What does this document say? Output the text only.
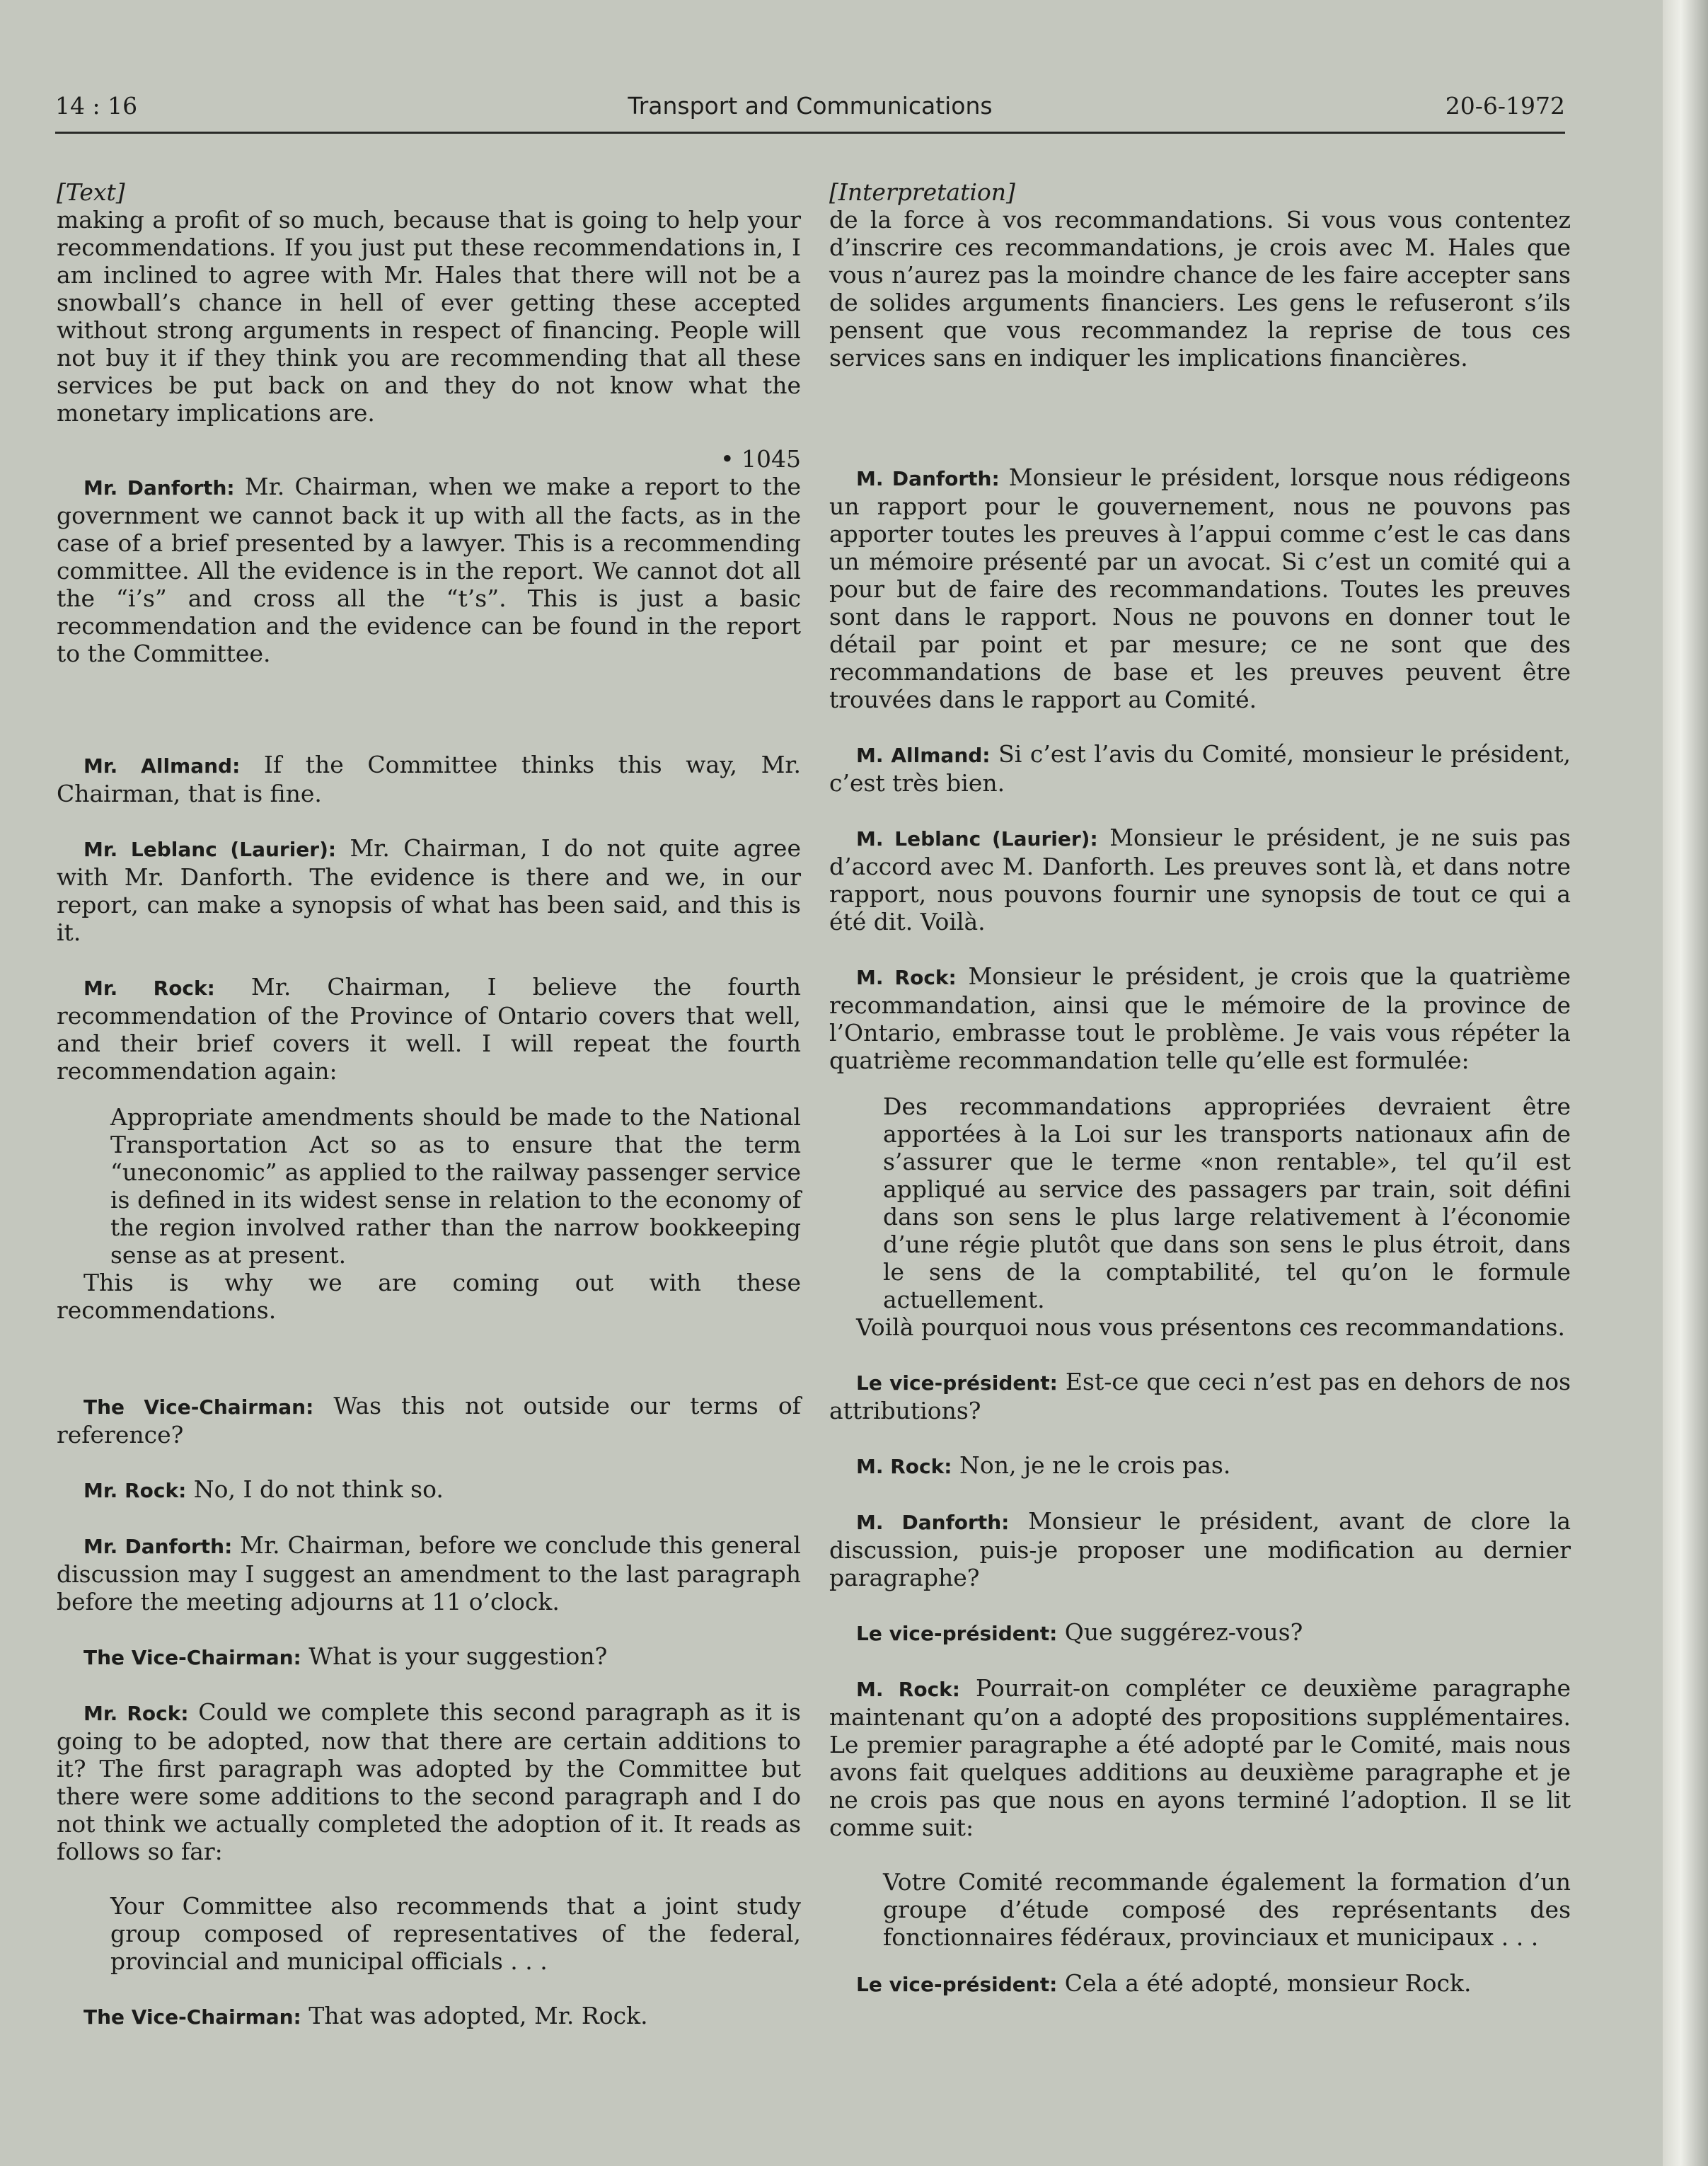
14 : 16	Transport and Communications	20-6-1972

[Text]

making a profit of so much, because that is going to help your recommendations. If you just put these recommendations in, I am inclined to agree with Mr. Hales that there will not be a snowball’s chance in hell of ever getting these accepted without strong arguments in respect of financing. People will not buy it if they think you are recommending that all these services be put back on and they do not know what the monetary implications are.

• 1045

Mr. Danforth: Mr. Chairman, when we make a report to the government we cannot back it up with all the facts, as in the case of a brief presented by a lawyer. This is a recommending committee. All the evidence is in the report. We cannot dot all the “i’s” and cross all the “t’s”. This is just a basic recommendation and the evidence can be found in the report to the Committee.

Mr. Allmand: If the Committee thinks this way, Mr. Chairman, that is fine.

Mr. Leblanc (Laurier): Mr. Chairman, I do not quite agree with Mr. Danforth. The evidence is there and we, in our report, can make a synopsis of what has been said, and this is it.

Mr. Rock: Mr. Chairman, I believe the fourth recommendation of the Province of Ontario covers that well, and their brief covers it well. I will repeat the fourth recommendation again:

Appropriate amendments should be made to the National Transportation Act so as to ensure that the term “uneconomic” as applied to the railway passenger service is defined in its widest sense in relation to the economy of the region involved rather than the narrow bookkeeping sense as at present.

This is why we are coming out with these recommendations.

The Vice-Chairman: Was this not outside our terms of reference?

Mr. Rock: No, I do not think so.

Mr. Danforth: Mr. Chairman, before we conclude this general discussion may I suggest an amendment to the last paragraph before the meeting adjourns at 11 o’clock.

The Vice-Chairman: What is your suggestion?

Mr. Rock: Could we complete this second paragraph as it is going to be adopted, now that there are certain additions to it? The first paragraph was adopted by the Committee but there were some additions to the second paragraph and I do not think we actually completed the adoption of it. It reads as follows so far:

Your Committee also recommends that a joint study group composed of representatives of the federal, provincial and municipal officials . . .

The Vice-Chairman: That was adopted, Mr. Rock.

[Interpretation]

de la force à vos recommandations. Si vous vous contentez d’inscrire ces recommandations, je crois avec M. Hales que vous n’aurez pas la moindre chance de les faire accepter sans de solides arguments financiers. Les gens le refuseront s’ils pensent que vous recommandez la reprise de tous ces services sans en indiquer les implications financières.

M. Danforth: Monsieur le président, lorsque nous rédigeons un rapport pour le gouvernement, nous ne pouvons pas apporter toutes les preuves à l’appui comme c’est le cas dans un mémoire présenté par un avocat. Si c’est un comité qui a pour but de faire des recommandations. Toutes les preuves sont dans le rapport. Nous ne pouvons en donner tout le détail par point et par mesure; ce ne sont que des recommandations de base et les preuves peuvent être trouvées dans le rapport au Comité.

M. Allmand: Si c’est l’avis du Comité, monsieur le président, c’est très bien.

M. Leblanc (Laurier): Monsieur le président, je ne suis pas d’accord avec M. Danforth. Les preuves sont là, et dans notre rapport, nous pouvons fournir une synopsis de tout ce qui a été dit. Voilà.

M. Rock: Monsieur le président, je crois que la quatrième recommandation, ainsi que le mémoire de la province de l’Ontario, embrasse tout le problème. Je vais vous répéter la quatrième recommandation telle qu’elle est formulée:

Des recommandations appropriées devraient être apportées à la Loi sur les transports nationaux afin de s’assurer que le terme «non rentable», tel qu’il est appliqué au service des passagers par train, soit défini dans son sens le plus large relativement à l’économie d’une régie plutôt que dans son sens le plus étroit, dans le sens de la comptabilité, tel qu’on le formule actuellement.

Voilà pourquoi nous vous présentons ces recommandations.

Le vice-président: Est-ce que ceci n’est pas en dehors de nos attributions?

M. Rock: Non, je ne le crois pas.

M. Danforth: Monsieur le président, avant de clore la discussion, puis-je proposer une modification au dernier paragraphe?

Le vice-président: Que suggérez-vous?

M. Rock: Pourrait-on compléter ce deuxième paragraphe maintenant qu’on a adopté des propositions supplémentaires. Le premier paragraphe a été adopté par le Comité, mais nous avons fait quelques additions au deuxième paragraphe et je ne crois pas que nous en ayons terminé l’adoption. Il se lit comme suit:

Votre Comité recommande également la formation d’un groupe d’étude composé des représentants des fonctionnaires fédéraux, provinciaux et municipaux . . .

Le vice-président: Cela a été adopté, monsieur Rock.
